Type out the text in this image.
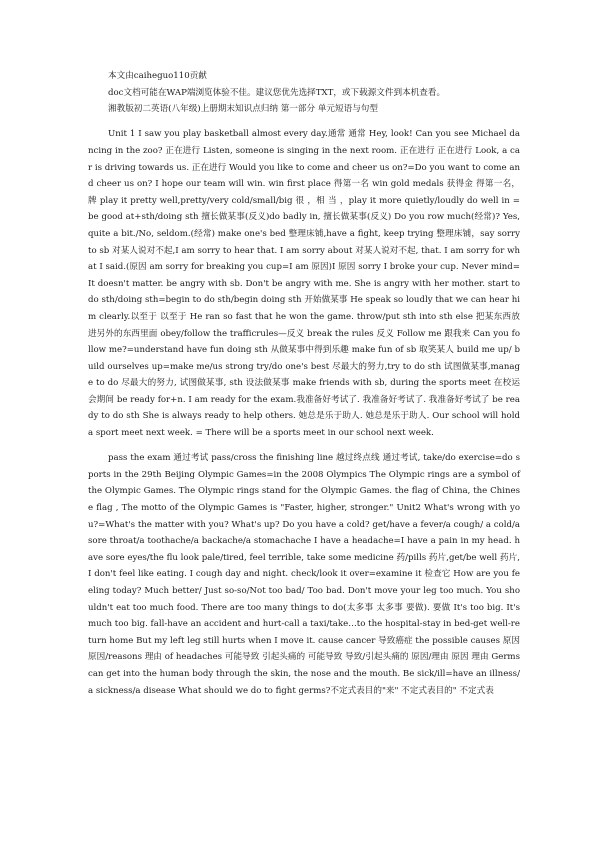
本文由caiheguo110贡献

doc文档可能在WAP端浏览体验不佳。建议您优先选择TXT，或下载源文件到本机查看。

湘教版初二英语(八年级)上册期末知识点归纳 第一部分 单元短语与句型

Unit 1 I saw you play basketball almost every day.通常 通常 Hey, look! Can you see Michael dancing in the zoo? 正在进行 Listen, someone is singing in the next room. 正在进行 正在进行 Look, a car is driving towards us. 正在进行 Would you like to come and cheer us on?=Do you want to come and cheer us on? I hope our team will win. win first place 得第一名 win gold medals 获得金 得第一名，牌 play it pretty well,pretty/very cold/small/big 很 ，相 当 ，play it more quietly/loudly do well in = be good at+sth/doing sth 擅长做某事(反义)do badly in, 擅长做某事(反义) Do you row much(经常)? Yes, quite a bit./No, seldom.(经常) make one's bed 整理床铺,have a fight, keep trying 整理床铺，say sorry to sb 对某人说对不起,I am sorry to hear that. I am sorry about 对某人说对不起, that. I am sorry for what I said.(原因 am sorry for breaking you cup=I am 原因)I 原因 sorry I broke your cup. Never mind=It doesn't matter. be angry with sb. Don't be angry with me. She is angry with her mother. start to do sth/doing sth=begin to do sth/begin doing sth 开始做某事 He speak so loudly that we can hear him clearly.以至于 以至于 He ran so fast that he won the game. throw/put sth into sth else 把某东西放进另外的东西里面 obey/follow the trafficrules—反义 break the rules 反义 Follow me 跟我来 Can you follow me?=understand have fun doing sth 从做某事中得到乐趣 make fun of sb 取笑某人 build me up/ build ourselves up=make me/us strong try/do one's best 尽最大的努力,try to do sth 试图做某事,manage to do 尽最大的努力, 试图做某事, sth 设法做某事 make friends with sb, during the sports meet 在校运会期间 be ready for+n. I am ready for the exam.我准备好考试了. 我准备好考试了. 我准备好考试了 be ready to do sth She is always ready to help others. 她总是乐于助人. 她总是乐于助人. Our school will hold a sport meet next week. = There will be a sports meet in our school next week.

pass the exam 通过考试 pass/cross the finishing line 越过终点线 通过考试, take/do exercise=do sports in the 29th Beijing Olympic Games=in the 2008 Olympics The Olympic rings are a symbol of the Olympic Games. The Olympic rings stand for the Olympic Games. the flag of China, the Chinese flag , The motto of the Olympic Games is "Faster, higher, stronger." Unit2 What's wrong with you?=What's the matter with you? What's up? Do you have a cold? get/have a fever/a cough/ a cold/a sore throat/a toothache/a backache/a stomachache I have a headache=I have a pain in my head. have sore eyes/the flu look pale/tired, feel terrible, take some medicine 药/pills 药片,get/be well 药片, I don't feel like eating. I cough day and night. check/look it over=examine it 检查它 How are you feeling today? Much better/ Just so-so/Not too bad/ Too bad. Don't move your leg too much. You shouldn't eat too much food. There are too many things to do(太多事 太多事 要做). 要做 It's too big. It's much too big. fall-have an accident and hurt-call a taxi/take…to the hospital-stay in bed-get well-return home But my left leg still hurts when I move it. cause cancer 导致癌症 the possible causes 原因 原因/reasons 理由 of headaches 可能导致 引起头痛的 可能导致 导致/引起头痛的 原因/理由 原因 理由 Germs can get into the human body through the skin, the nose and the mouth. Be sick/ill=have an illness/a sickness/a disease What should we do to fight germs?不定式表目的"来" 不定式表目的" 不定式表
